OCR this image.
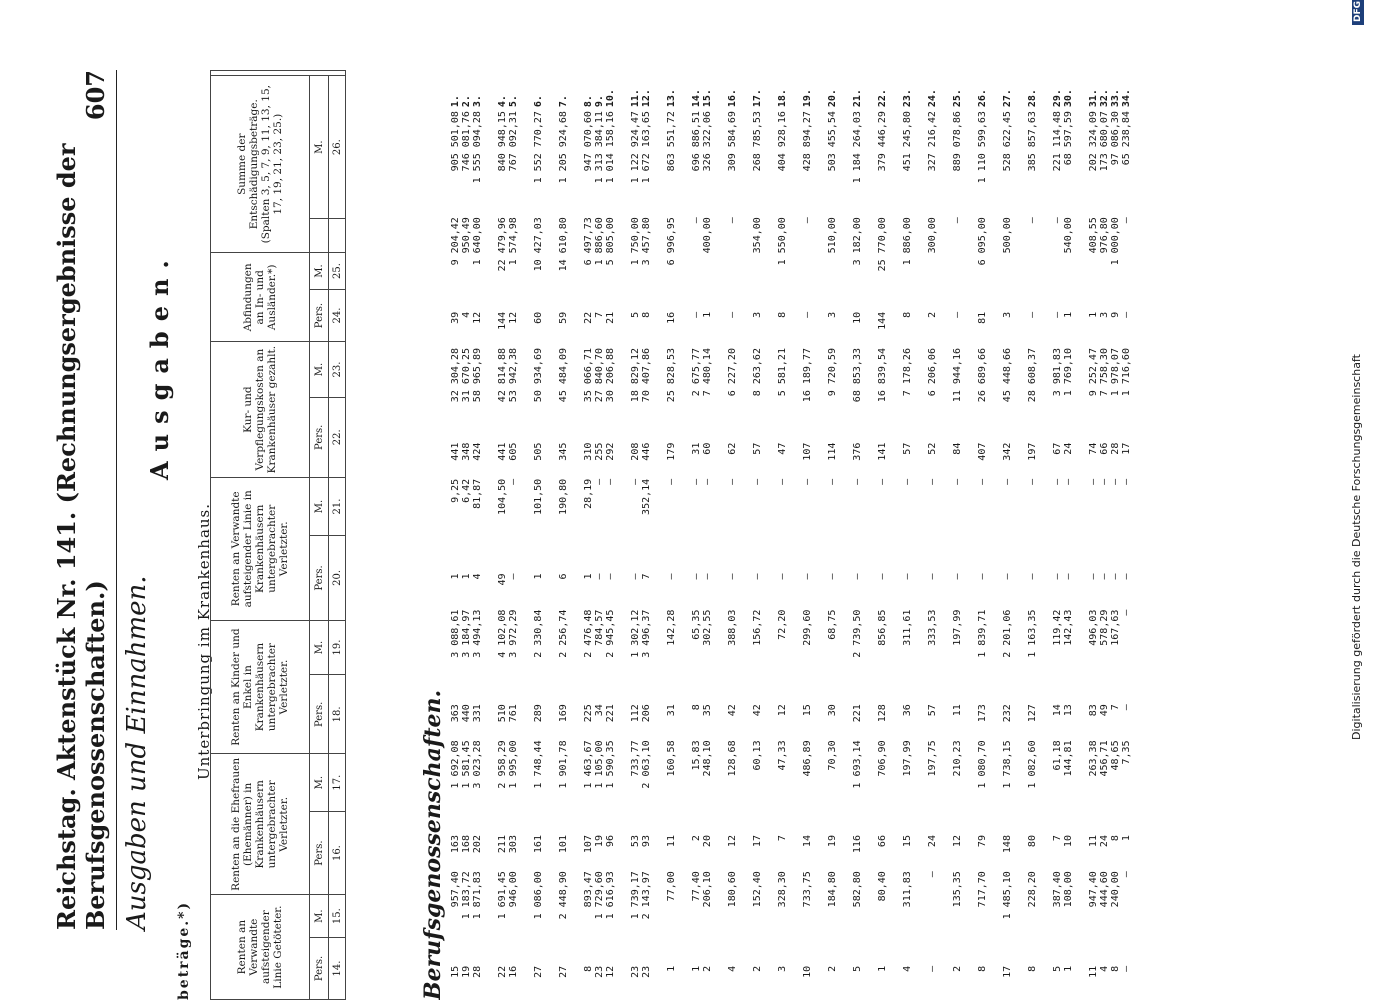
Reichstag. Aktenstück Nr. 141. (Rechnungsergebnisse der Berufsgenossenschaften.)
607
Ausgaben und Einnahmen.
Ausgaben.
beträge.*)
Unterbringung im Krankenhaus.
Renten an Verwandte aufsteigender Linie Getöteter.		Renten an die Ehefrauen (Ehemänner) in Krankenhäusern untergebrachter Verletzter.		Renten an Kinder und Enkel in Krankenhäusern untergebrachter Verletzter.		Renten an Verwandte aufsteigender Linie in Krankenhäusern untergebrachter Verletzter.		Kur- und Verpflegungskosten an Krankenhäuser gezahlt.		Abfindungen an In- und Ausländer.*)		Summe der Entschädigungsbeträge. (Spalten 3, 5, 7, 9, 11, 13, 15, 17, 19, 21, 23, 25.)		
Pers.	M.	Pers.	M.	Pers.	M.	Pers.	M.	Pers.	M.	Pers.	M.		M.	
14.	15.	16.	17.	18.	19.	20.	21.	22.	23.	24.	25.		26.	
Berufsgenossenschaften. 15	957,40	163	1 692,08	363	3 088,61	1	9,25	441	32 304,28	39	9 204,42	905 501,08	1.
19	1 183,72	168	1 581,45	440	3 184,97	1	6,42	348	31 670,25	4	950,49	746 081,76	2.
28	1 871,83	202	3 023,28	331	3 494,13	4	81,87	424	58 965,89	12	1 640,00	1 555 094,28	3.

22	1 691,45	211	2 958,29	510	4 102,08	49	104,50	441	42 814,88	144	22 479,96	840 948,15	4.
16	946,00	303	1 995,00	761	3 972,29	—	—	605	53 942,38	12	1 574,98	767 092,31	5.

27	1 086,00	161	1 748,44	289	2 330,84	1	101,50	505	50 934,69	60	10 427,03	1 552 770,27	6.

27	2 448,90	101	1 901,78	169	2 256,74	6	190,80	345	45 484,09	59	14 610,80	1 205 924,68	7.

8	893,47	107	1 463,67	225	2 476,48	1	28,19	310	35 066,71	22	6 497,73	947 070,60	8.
23	1 729,60	19	1 105,00	34	784,57	—	—	255	27 840,70	7	1 886,60	1 313 384,11	9.
12	1 616,93	96	1 590,35	221	2 945,45	—	—	292	30 206,88	21	5 805,00	1 014 158,16	10.

23	1 739,17	53	733,77	112	1 302,12	—	—	208	18 829,12	5	1 750,00	1 122 924,47	11.
23	2 143,97	93	2 063,10	206	3 496,37	7	352,14	446	70 407,86	8	3 457,80	1 672 163,65	12.

1	77,00	11	160,58	31	142,28	—	—	179	25 828,53	16	6 996,95	863 551,72	13.

1	77,40	2	15,83	8	65,35	—	—	31	2 675,77	—	—	696 886,51	14.
2	206,10	20	248,10	35	302,55	—	—	60	7 480,14	1	400,00	326 322,06	15.

4	180,60	12	128,68	42	388,03	—	—	62	6 227,20	—	—	309 584,69	16.

2	152,40	17	60,13	42	156,72	—	—	57	8 263,62	3	354,00	268 785,53	17.

3	328,30	7	47,33	12	72,20	—	—	47	5 581,21	8	1 550,00	404 928,16	18.

10	733,75	14	486,89	15	299,60	—	—	107	16 189,77	—	—	428 894,27	19.

2	184,80	19	70,30	30	68,75	—	—	114	9 720,59	3	510,00	503 455,54	20.

5	582,80	116	1 693,14	221	2 739,50	—	—	376	68 853,33	10	3 182,00	1 184 264,03	21.

1	80,40	66	706,90	128	856,85	—	—	141	16 839,54	144	25 770,00	379 446,29	22.

4	311,83	15	197,99	36	311,61	—	—	57	7 178,26	8	1 886,00	451 245,80	23.

—	—	24	197,75	57	333,53	—	—	52	6 206,06	2	300,00	327 216,42	24.

2	135,35	12	210,23	11	197,99	—	—	84	11 944,16	—	—	889 078,86	25.

8	717,70	79	1 080,70	173	1 839,71	—	—	407	26 689,66	81	6 095,00	1 110 599,63	26.

17	1 485,10	148	1 738,15	232	2 201,06	—	—	342	45 448,66	3	500,00	528 622,45	27.

8	228,20	80	1 082,60	127	1 163,35	—	—	197	28 608,37	—	—	385 857,63	28.

5	387,40	7	61,18	14	119,42	—	—	67	3 981,83	—	—	221 114,48	29.
1	108,00	10	144,81	13	142,43	—	—	24	1 769,10	1	540,00	68 597,59	30.

11	947,40	11	263,38	83	496,03	—	—	74	9 252,47	1	408,55	202 324,09	31.
4	444,60	24	456,71	49	578,29	—	—	66	7 758,30	3	976,80	173 680,07	32.
8	240,00	8	48,65	7	167,63	—	—	28	1 978,07	9	1 000,00	97 086,30	33.
—	—	1	7,35	—	—	—	—	17	1 716,60	—	—	65 238,84	34.
Digitalisierung gefördert durch die Deutsche Forschungsgemeinschaft
DFG
